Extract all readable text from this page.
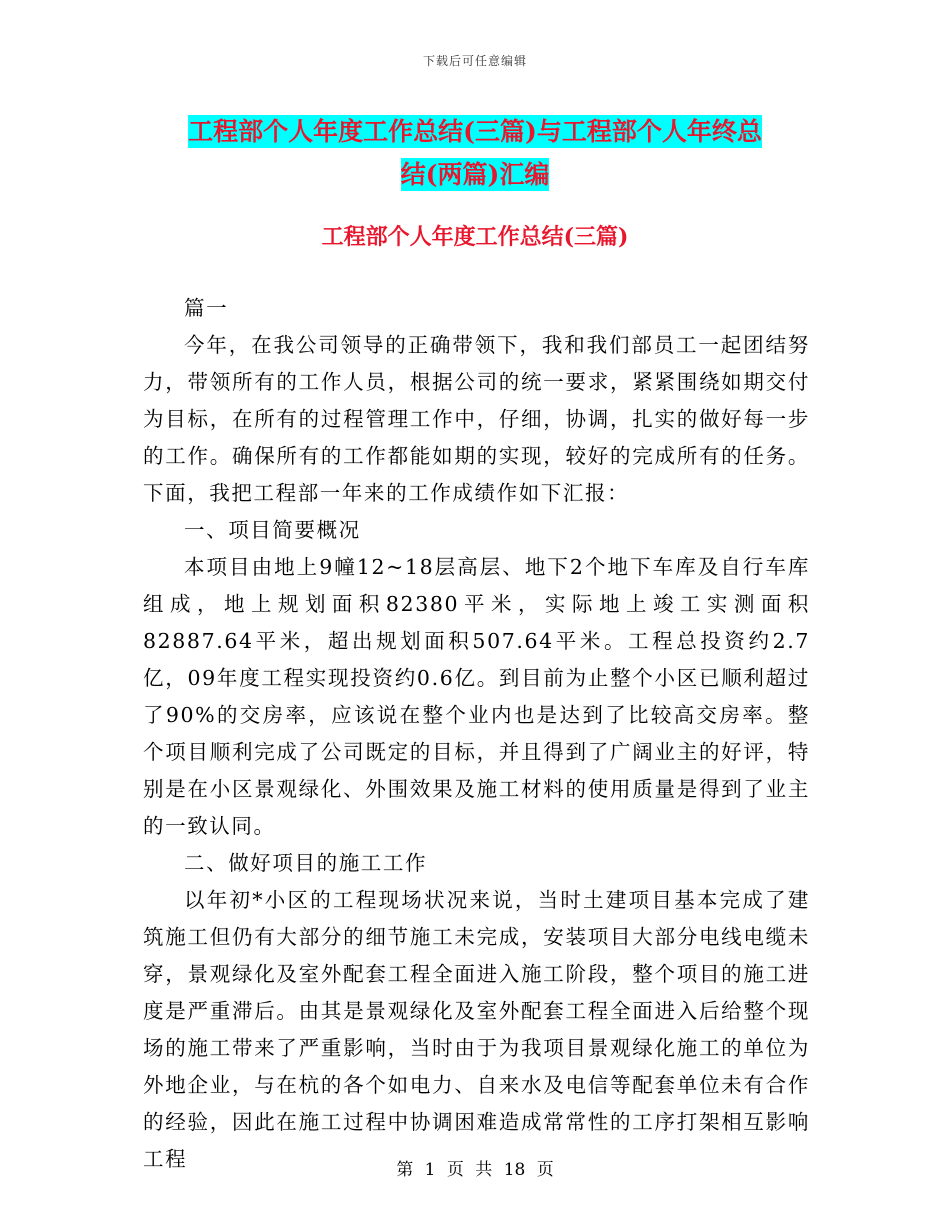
下载后可任意编辑
工程部个人年度工作总结(三篇)与工程部个人年终总
结(两篇)汇编
工程部个人年度工作总结(三篇)

篇一

今年，在我公司领导的正确带领下，我和我们部员工一起团结努力，带领所有的工作人员，根据公司的统一要求，紧紧围绕如期交付为目标，在所有的过程管理工作中，仔细，协调，扎实的做好每一步的工作。确保所有的工作都能如期的实现，较好的完成所有的任务。下面，我把工程部一年来的工作成绩作如下汇报：

一、项目简要概况

本项目由地上9幢12~18层高层、地下2个地下车库及自行车库组成，地上规划面积82380平米，实际地上竣工实测面积82887.64平米，超出规划面积507.64平米。工程总投资约2.7亿，09年度工程实现投资约0.6亿。到目前为止整个小区已顺利超过了90%的交房率，应该说在整个业内也是达到了比较高交房率。整个项目顺利完成了公司既定的目标，并且得到了广阔业主的好评，特别是在小区景观绿化、外围效果及施工材料的使用质量是得到了业主的一致认同。

二、做好项目的施工工作

以年初*小区的工程现场状况来说，当时土建项目基本完成了建筑施工但仍有大部分的细节施工未完成，安装项目大部分电线电缆未穿，景观绿化及室外配套工程全面进入施工阶段，整个项目的施工进度是严重滞后。由其是景观绿化及室外配套工程全面进入后给整个现场的施工带来了严重影响，当时由于为我项目景观绿化施工的单位为外地企业，与在杭的各个如电力、自来水及电信等配套单位未有合作的经验，因此在施工过程中协调困难造成常常性的工序打架相互影响工程	第 1 页 共 18 页
